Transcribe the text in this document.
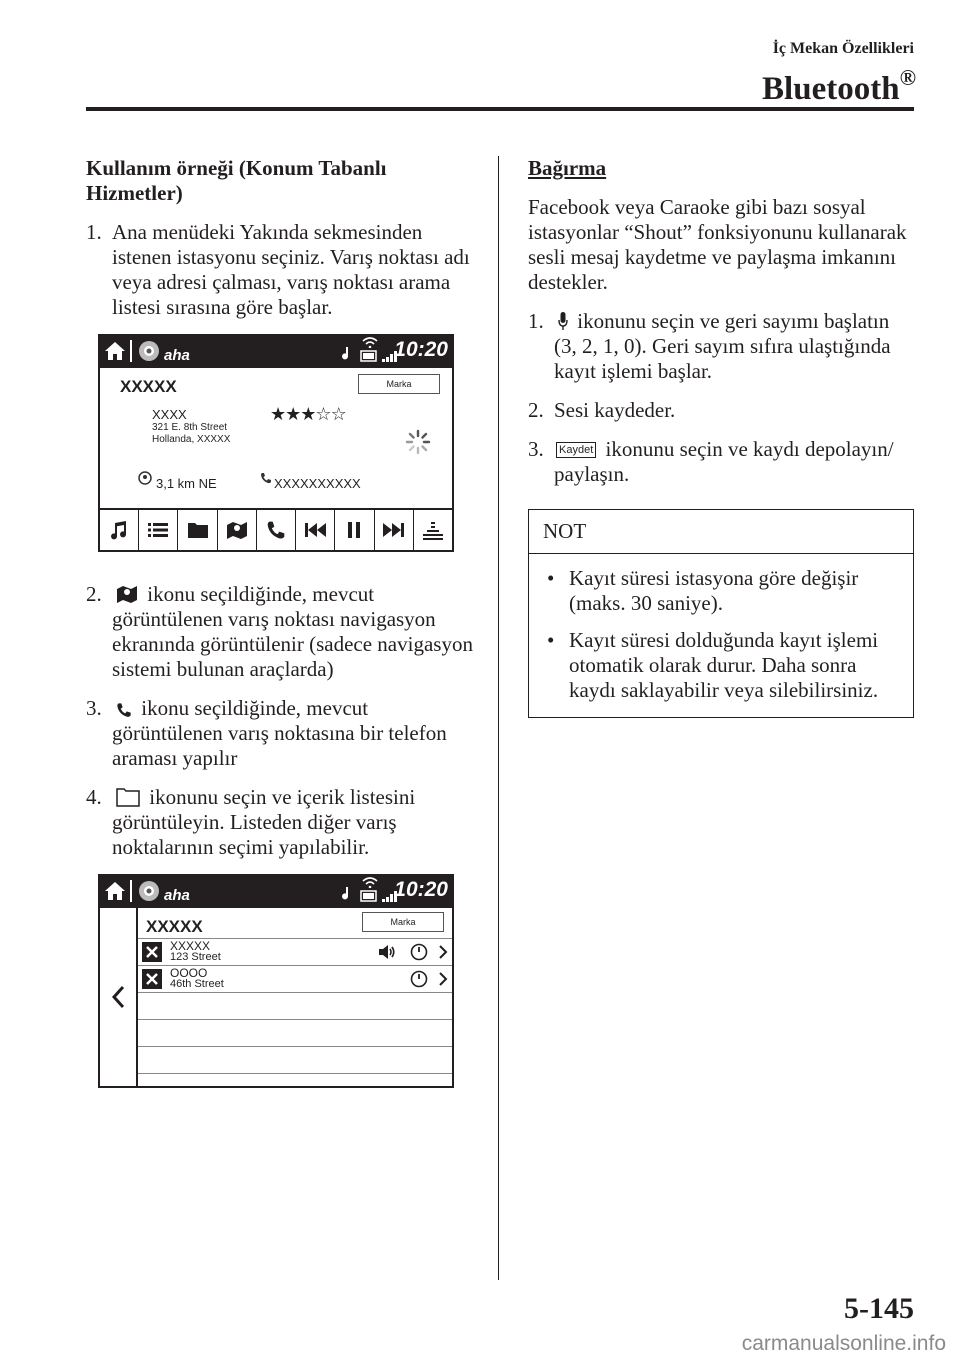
İç Mekan Özellikleri
Bluetooth®
Kullanım örneği (Konum Tabanlı Hizmetler)
1. Ana menüdeki Yakında sekmesinden istenen istasyonu seçiniz. Varış noktası adı veya adresi çalması, varış noktası arama listesi sırasına göre başlar.
aha	10:20
XXXXX	Marka
XXXX
321 E. 8th Street
Hollanda, XXXXX
★★★☆☆
3,1 km NE	XXXXXXXXXX
2. ikonu seçildiğinde, mevcut görüntülenen varış noktası navigasyon ekranında görüntülenir (sadece navigasyon sistemi bulunan araçlarda)
3. ikonu seçildiğinde, mevcut görüntülenen varış noktasına bir telefon araması yapılır
4. ikonunu seçin ve içerik listesini görüntüleyin. Listeden diğer varış noktalarının seçimi yapılabilir.
aha	10:20
XXXXX	Marka
XXXXX
123 Street
OOOO
46th Street
Bağırma

Facebook veya Caraoke gibi bazı sosyal istasyonlar “Shout” fonksiyonunu kullanarak sesli mesaj kaydetme ve paylaşma imkanını destekler.

1. ikonunu seçin ve geri sayımı başlatın (3, 2, 1, 0). Geri sayım sıfıra ulaştığında kayıt işlemi başlar.
2. Sesi kaydeder.
3. Kaydet ikonunu seçin ve kaydı depolayın/ paylaşın.
NOT
• Kayıt süresi istasyona göre değişir (maks. 30 saniye).
• Kayıt süresi dolduğunda kayıt işlemi otomatik olarak durur. Daha sonra kaydı saklayabilir veya silebilirsiniz.
5-145
carmanualsonline.info
